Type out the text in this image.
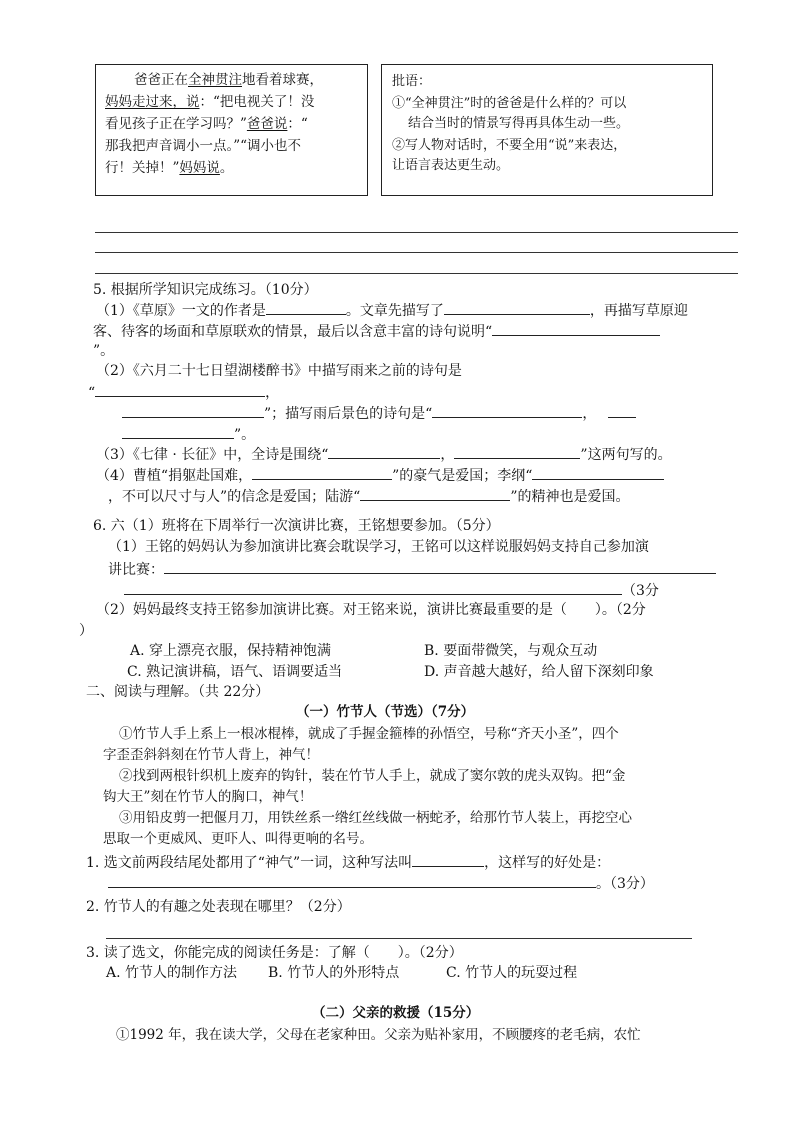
爸爸正在全神贯注地看着球赛，
妈妈走过来，说：“把电视关了！没
看见孩子正在学习吗？”爸爸说：“
那我把声音调小一点。”“调小也不
行！关掉！”妈妈说。
批语：
①“全神贯注”时的爸爸是什么样的？可以
结合当时的情景写得再具体生动一些。
②写人物对话时，不要全用“说”来表达，
让语言表达更生动。
5. 根据所学知识完成练习。（10分）
（1）《草原》一文的作者是	。文章先描写了	，再描写草原迎
客、待客的场面和草原联欢的情景，最后以含意丰富的诗句说明“
”。
（2）《六月二十七日望湖楼醉书》中描写雨来之前的诗句是
“	，
”；描写雨后景色的诗句是“	，
”。
（3）《七律 · 长征》中，全诗是围绕“	，	”这两句写的。
（4）曹植“捐躯赴国难，	”的豪气是爱国；李纲“
，不可以尺寸与人”的信念是爱国；陆游“	”的精神也是爱国。
6. 六（1）班将在下周举行一次演讲比赛，王铭想要参加。（5分）
（1）王铭的妈妈认为参加演讲比赛会耽误学习，王铭可以这样说服妈妈支持自己参加演
讲比赛：
（3分
（2）妈妈最终支持王铭参加演讲比赛。对王铭来说，演讲比赛最重要的是（　　）。（2分
）
A. 穿上漂亮衣服，保持精神饱满	B. 要面带微笑，与观众互动
C. 熟记演讲稿，语气、语调要适当	D. 声音越大越好，给人留下深刻印象
二、阅读与理解。（共 22分）
（一）竹节人（节选）（7分）
①竹节人手上系上一根冰棍棒，就成了手握金箍棒的孙悟空，号称“齐天小圣”，四个
字歪歪斜斜刻在竹节人背上，神气！
②找到两根针织机上废弃的钩针，装在竹节人手上，就成了窦尔敦的虎头双钩。把“金
钩大王”刻在竹节人的胸口，神气！
③用铅皮剪一把偃月刀，用铁丝系一绺红丝线做一柄蛇矛，给那竹节人装上，再挖空心
思取一个更威风、更吓人、叫得更响的名号。
1. 选文前两段结尾处都用了“神气”一词，这种写法叫	，这样写的好处是：
。（3分）
2. 竹节人的有趣之处表现在哪里？（2分）
3. 读了选文，你能完成的阅读任务是：了解（　　）。（2分）
A. 竹节人的制作方法 B. 竹节人的外形特点	C. 竹节人的玩耍过程
（二）父亲的救援（15分）
①1992 年，我在读大学，父母在老家种田。父亲为贴补家用，不顾腰疼的老毛病，农忙
